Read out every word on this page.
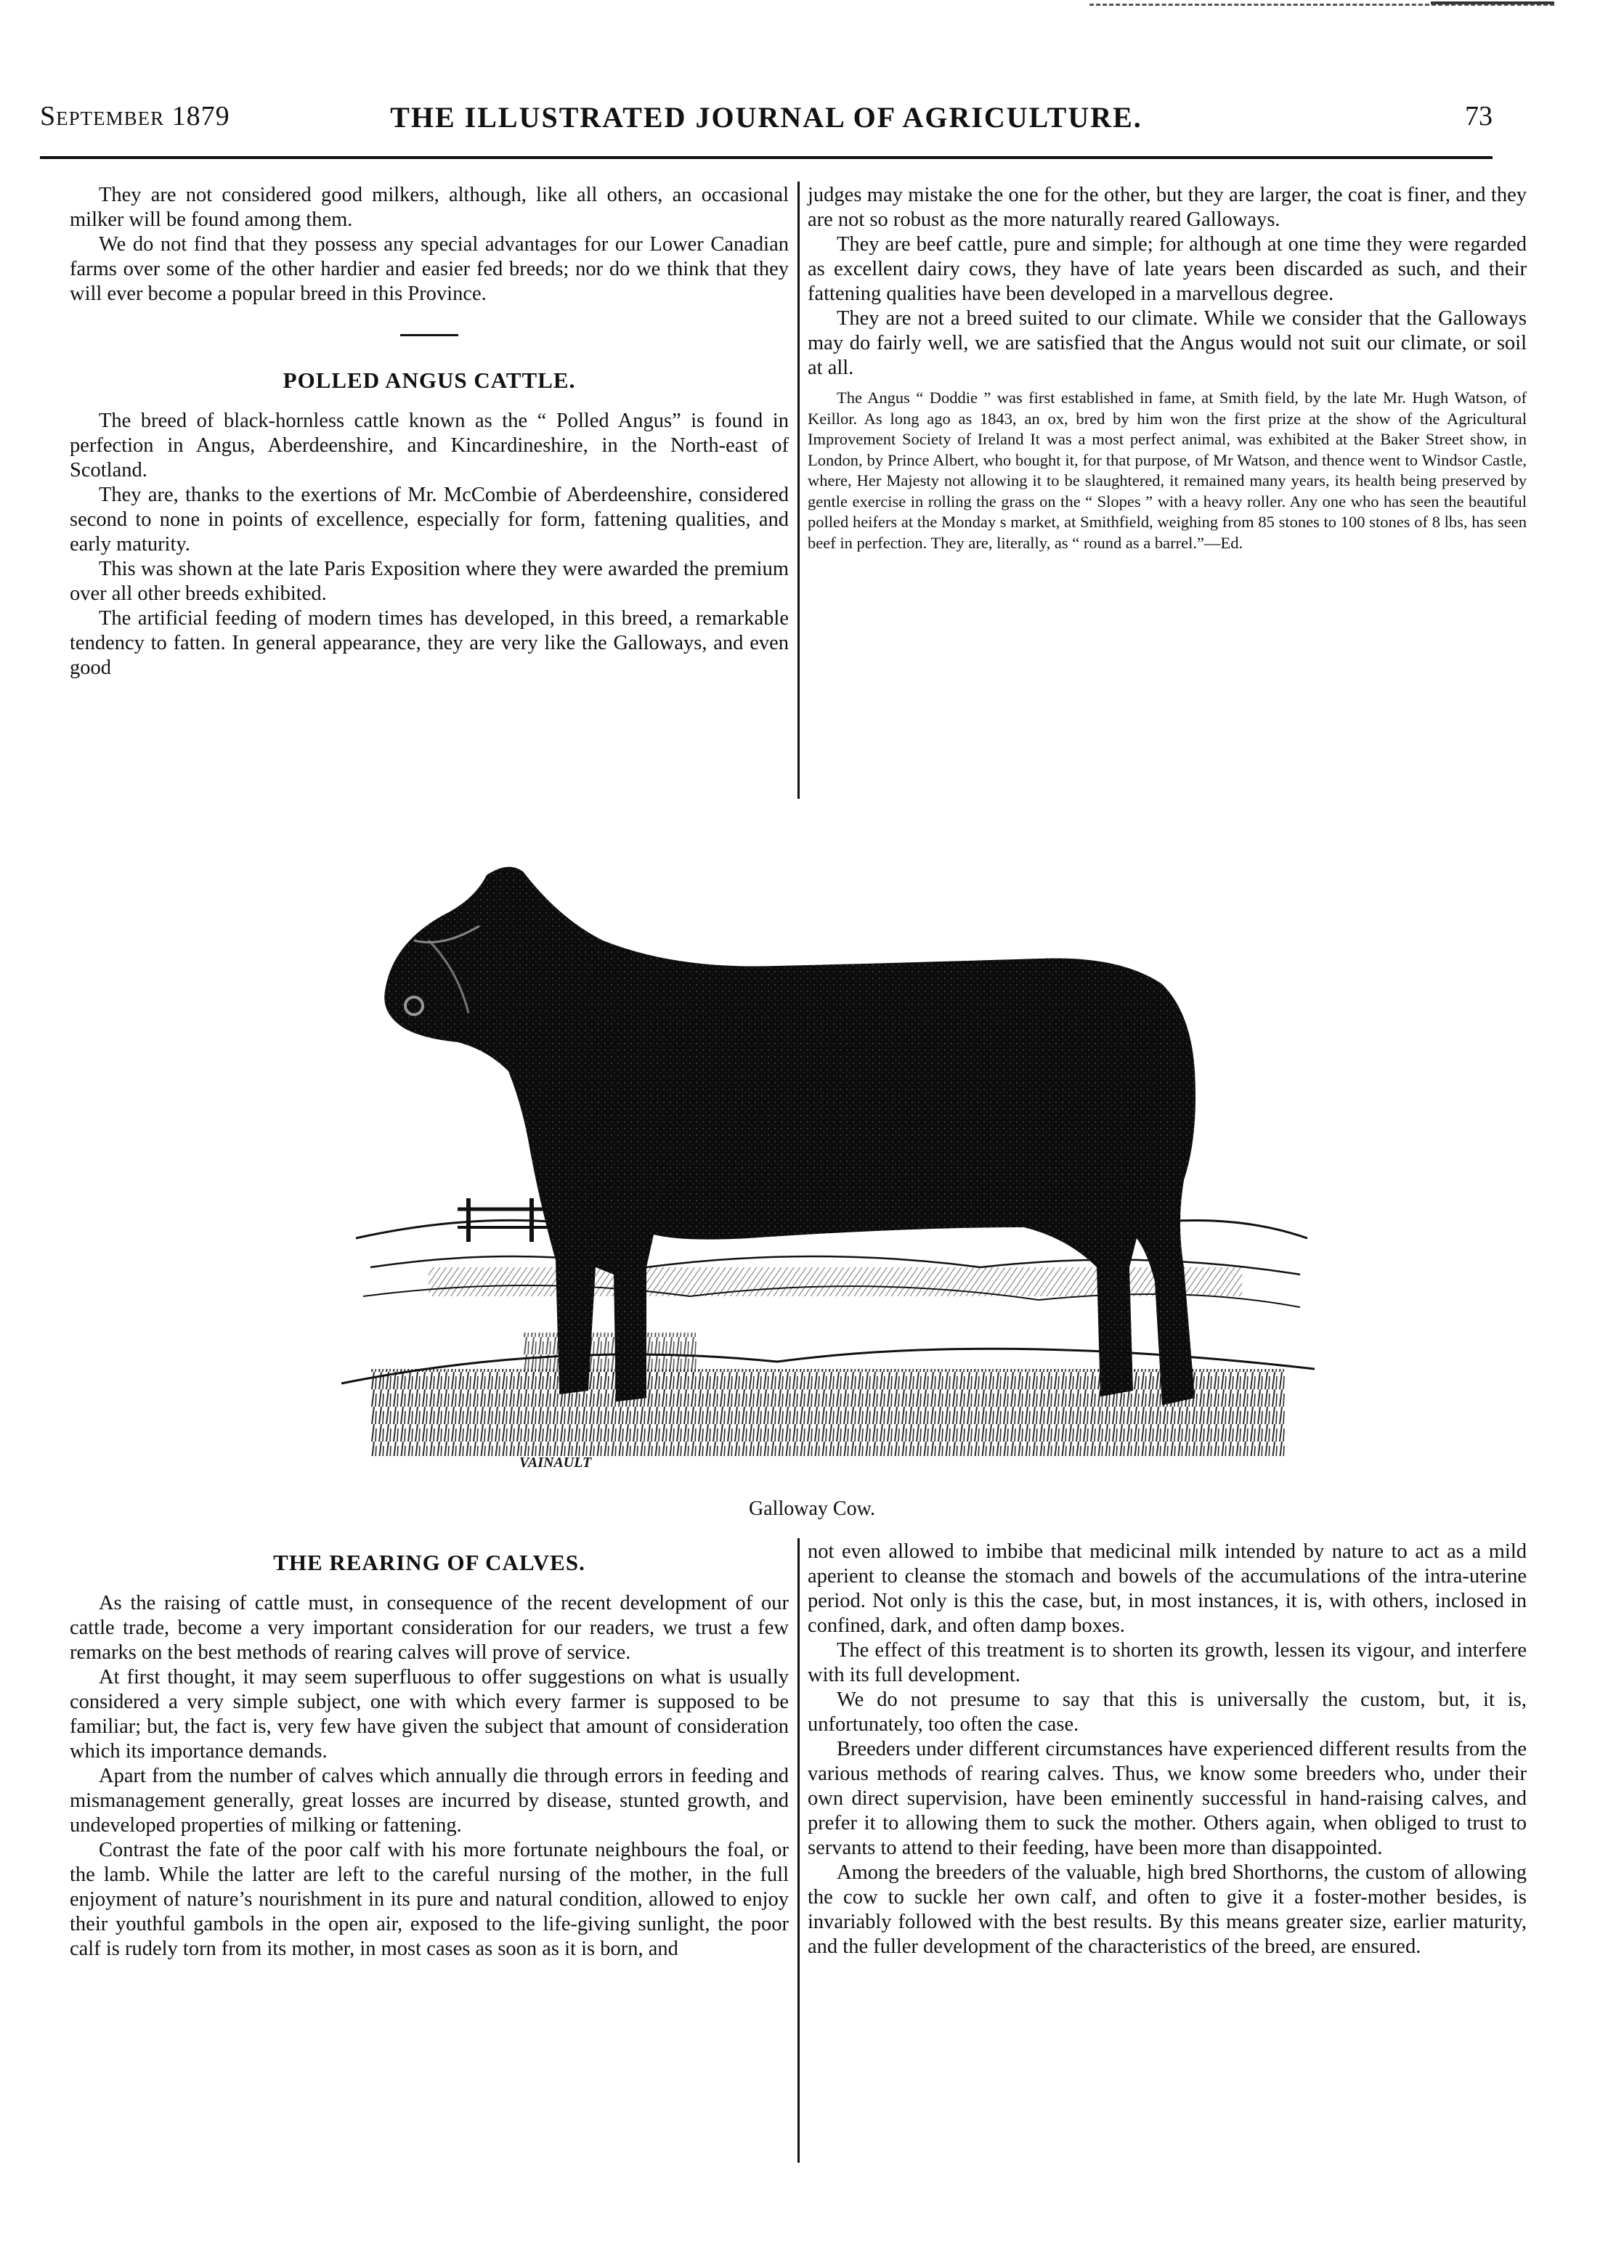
September 1879	THE ILLUSTRATED JOURNAL OF AGRICULTURE.	73

They are not considered good milkers, although, like all others, an occasional milker will be found among them.

We do not find that they possess any special advantages for our Lower Canadian farms over some of the other hardier and easier fed breeds; nor do we think that they will ever become a popular breed in this Province.

POLLED ANGUS CATTLE.

The breed of black-hornless cattle known as the “ Polled Angus” is found in perfection in Angus, Aberdeenshire, and Kincardineshire, in the North-east of Scotland.

They are, thanks to the exertions of Mr. McCombie of Aberdeenshire, considered second to none in points of excellence, especially for form, fattening qualities, and early maturity.

This was shown at the late Paris Exposition where they were awarded the premium over all other breeds exhibited.

The artificial feeding of modern times has developed, in this breed, a remarkable tendency to fatten. In general appearance, they are very like the Galloways, and even good

judges may mistake the one for the other, but they are larger, the coat is finer, and they are not so robust as the more naturally reared Galloways.

They are beef cattle, pure and simple; for although at one time they were regarded as excellent dairy cows, they have of late years been discarded as such, and their fattening qualities have been developed in a marvellous degree.

They are not a breed suited to our climate. While we consider that the Galloways may do fairly well, we are satisfied that the Angus would not suit our climate, or soil at all.

The Angus “ Doddie ” was first established in fame, at Smith field, by the late Mr. Hugh Watson, of Keillor. As long ago as 1843, an ox, bred by him won the first prize at the show of the Agricultural Improvement Society of Ireland It was a most perfect animal, was exhibited at the Baker Street show, in London, by Prince Albert, who bought it, for that purpose, of Mr Watson, and thence went to Windsor Castle, where, Her Majesty not allowing it to be slaughtered, it remained many years, its health being preserved by gentle exercise in rolling the grass on the “ Slopes ” with a heavy roller. Any one who has seen the beautiful polled heifers at the Monday s market, at Smithfield, weighing from 85 stones to 100 stones of 8 lbs, has seen beef in perfection. They are, literally, as “ round as a barrel.”—Ed.

VAINAULT
Galloway Cow.
THE REARING OF CALVES.

As the raising of cattle must, in consequence of the recent development of our cattle trade, become a very important consideration for our readers, we trust a few remarks on the best methods of rearing calves will prove of service.

At first thought, it may seem superfluous to offer suggestions on what is usually considered a very simple subject, one with which every farmer is supposed to be familiar; but, the fact is, very few have given the subject that amount of consideration which its importance demands.

Apart from the number of calves which annually die through errors in feeding and mismanagement generally, great losses are incurred by disease, stunted growth, and undeveloped properties of milking or fattening.

Contrast the fate of the poor calf with his more fortunate neighbours the foal, or the lamb. While the latter are left to the careful nursing of the mother, in the full enjoyment of nature’s nourishment in its pure and natural condition, allowed to enjoy their youthful gambols in the open air, exposed to the life-giving sunlight, the poor calf is rudely torn from its mother, in most cases as soon as it is born, and

not even allowed to imbibe that medicinal milk intended by nature to act as a mild aperient to cleanse the stomach and bowels of the accumulations of the intra-uterine period. Not only is this the case, but, in most instances, it is, with others, inclosed in confined, dark, and often damp boxes.

The effect of this treatment is to shorten its growth, lessen its vigour, and interfere with its full development.

We do not presume to say that this is universally the custom, but, it is, unfortunately, too often the case.

Breeders under different circumstances have experienced different results from the various methods of rearing calves. Thus, we know some breeders who, under their own direct supervision, have been eminently successful in hand-raising calves, and prefer it to allowing them to suck the mother. Others again, when obliged to trust to servants to attend to their feeding, have been more than disappointed.

Among the breeders of the valuable, high bred Shorthorns, the custom of allowing the cow to suckle her own calf, and often to give it a foster-mother besides, is invariably followed with the best results. By this means greater size, earlier maturity, and the fuller development of the characteristics of the breed, are ensured.
